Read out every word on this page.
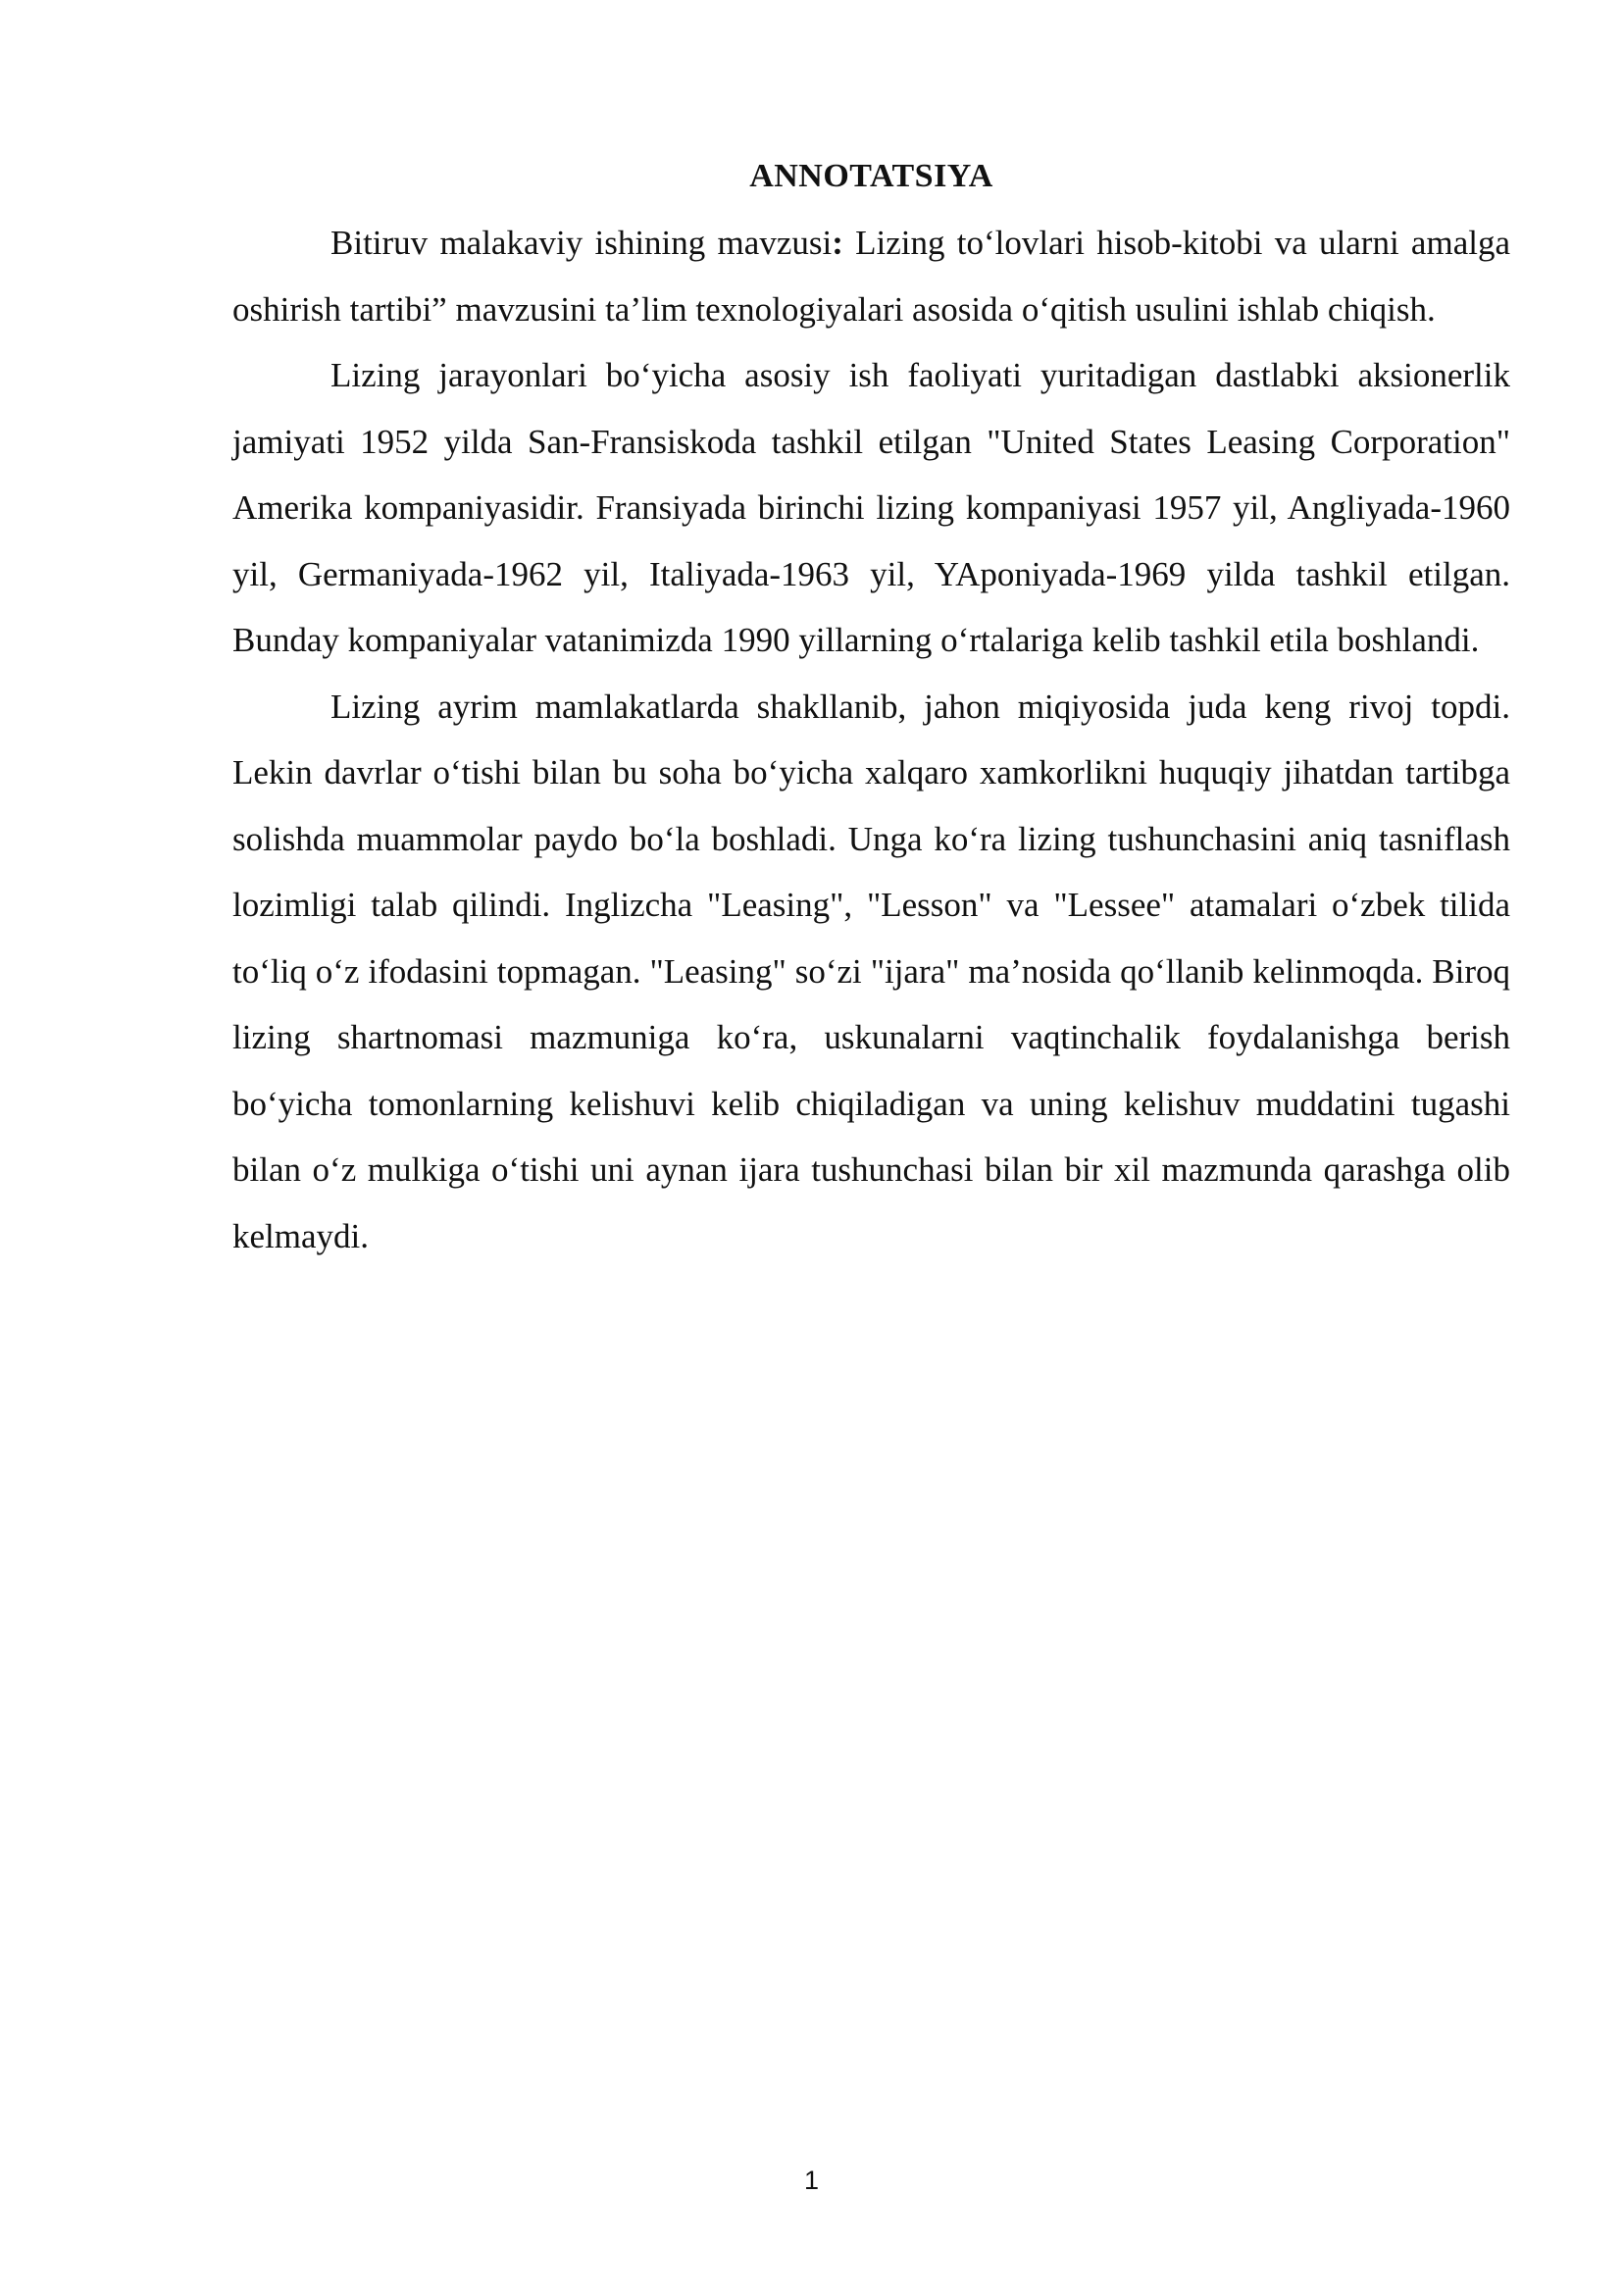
ANNOTATSIYA

Bitiruv malakaviy ishining mavzusi: Lizing to‘lovlari hisob-kitobi va ularni amalga oshirish tartibi” mavzusini ta’lim texnologiyalari asosida o‘qitish usulini ishlab chiqish.

Lizing jarayonlari bo‘yicha asosiy ish faoliyati yuritadigan dastlabki aksionerlik jamiyati 1952 yilda San-Fransiskoda tashkil etilgan "United States Leasing Corporation" Amerika kompaniyasidir. Fransiyada birinchi lizing kompaniyasi 1957 yil, Angliyada-1960 yil, Germaniyada-1962 yil, Italiyada-1963 yil, YAponiyada-1969 yilda tashkil etilgan. Bunday kompaniyalar vatanimizda 1990 yillarning o‘rtalariga kelib tashkil etila boshlandi.

Lizing ayrim mamlakatlarda shakllanib, jahon miqiyosida juda keng rivoj topdi. Lekin davrlar o‘tishi bilan bu soha bo‘yicha xalqaro xamkorlikni huquqiy jihatdan tartibga solishda muammolar paydo bo‘la boshladi. Unga ko‘ra lizing tushunchasini aniq tasniflash lozimligi talab qilindi. Inglizcha "Leasing", "Lesson" va "Lessee" atamalari o‘zbek tilida to‘liq o‘z ifodasini topmagan. "Leasing" so‘zi "ijara" ma’nosida qo‘llanib kelinmoqda. Biroq lizing shartnomasi mazmuniga ko‘ra, uskunalarni vaqtinchalik foydalanishga berish bo‘yicha tomonlarning kelishuvi kelib chiqiladigan va uning kelishuv muddatini tugashi bilan o‘z mulkiga o‘tishi uni aynan ijara tushunchasi bilan bir xil mazmunda qarashga olib kelmaydi.

1
